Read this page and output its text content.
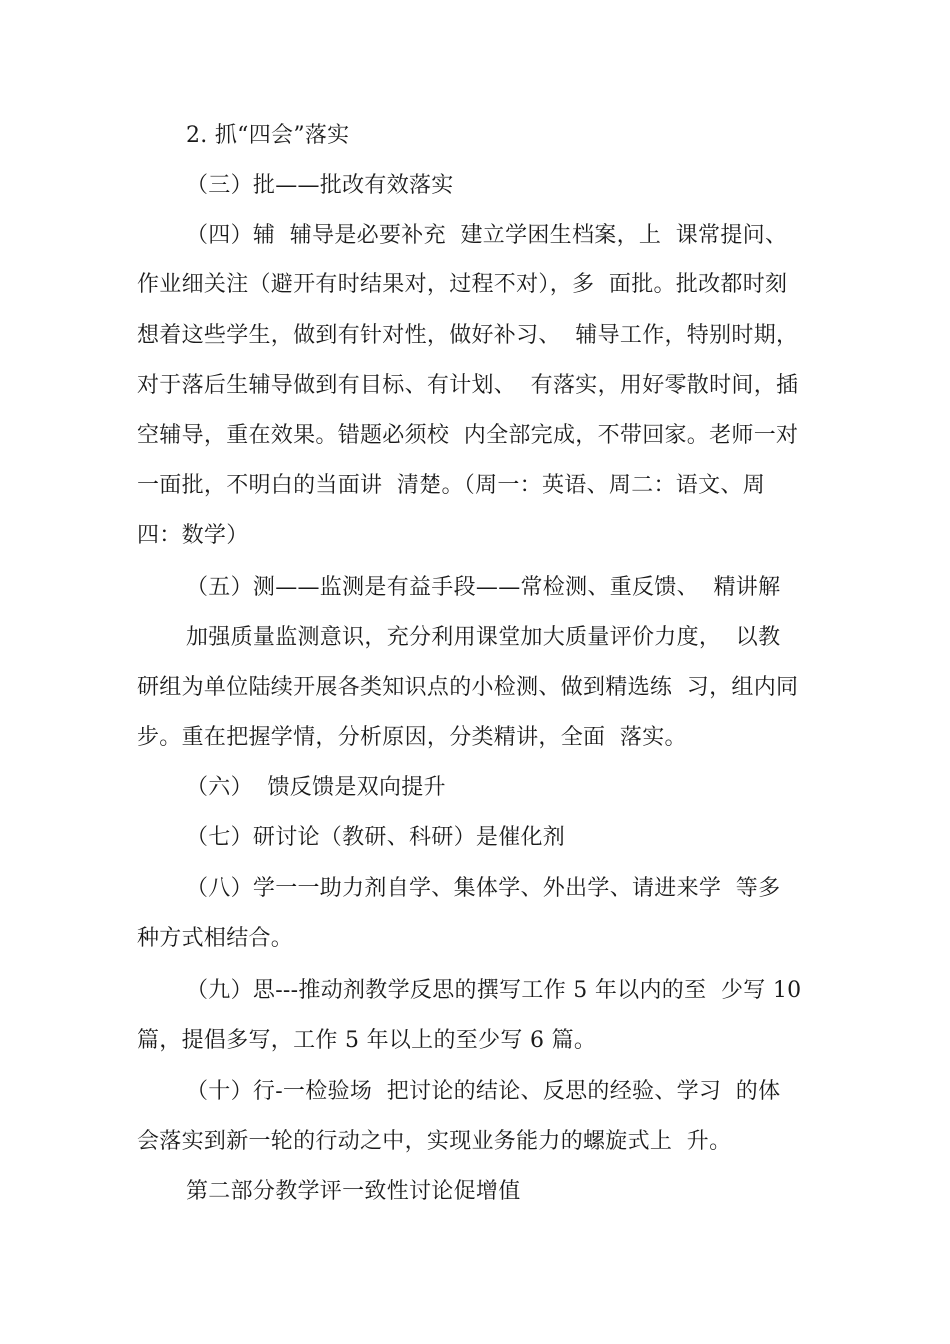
2. 抓“四会”落实
（三）批——批改有效落实
（四）辅  辅导是必要补充  建立学困生档案，上  课常提问、
作业细关注（避开有时结果对，过程不对），多  面批。批改都时刻
想着这些学生，做到有针对性，做好补习、  辅导工作，特别时期，
对于落后生辅导做到有目标、有计划、  有落实，用好零散时间，插
空辅导，重在效果。错题必须校  内全部完成，不带回家。老师一对
一面批，不明白的当面讲  清楚。（周一：英语、周二：语文、周
四：数学）
（五）测——监测是有益手段——常检测、重反馈、  精讲解
加强质量监测意识，充分利用课堂加大质量评价力度，  以教
研组为单位陆续开展各类知识点的小检测、做到精选练  习，组内同
步。重在把握学情，分析原因，分类精讲，全面  落实。
（六）  馈反馈是双向提升
（七）研讨论（教研、科研）是催化剂
（八）学一一助力剂自学、集体学、外出学、请进来学  等多
种方式相结合。
（九）思---推动剂教学反思的撰写工作 5 年以内的至  少写 10
篇，提倡多写，工作 5 年以上的至少写 6 篇。
（十）行-一检验场  把讨论的结论、反思的经验、学习  的体
会落实到新一轮的行动之中，实现业务能力的螺旋式上  升。
第二部分教学评一致性讨论促增值
